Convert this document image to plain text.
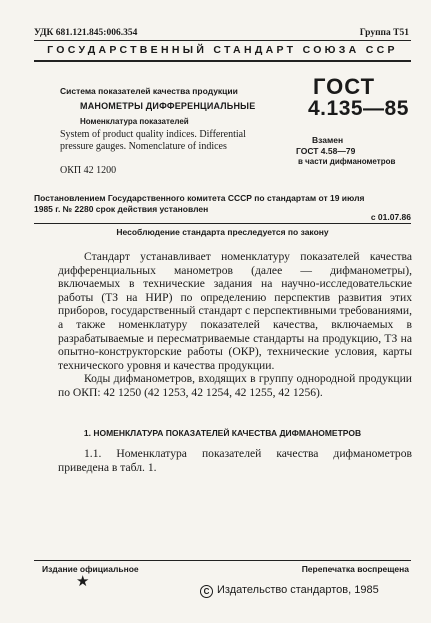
УДК 681.121.845:006.354	Группа Т51
ГОСУДАРСТВЕННЫЙ СТАНДАРТ СОЮЗА ССР
Система показателей качества продукции
МАНОМЕТРЫ ДИФФЕРЕНЦИАЛЬНЫЕ
Номенклатура показателей
System of product quality indices. Differential
pressure gauges. Nomenclature of indices
ОКП 42 1200
ГОСТ
4.135—85
Взамен
ГОСТ 4.58—79
в части дифманометров
Постановлением Государственного комитета СССР по стандартам от 19 июля
1985 г. № 2280 срок действия установлен
с 01.07.86
Несоблюдение стандарта преследуется по закону

Стандарт устанавливает номенклатуру показателей качества дифференциальных манометров (далее — дифманометры), включаемых в технические задания на научно-исследовательские работы (ТЗ на НИР) по определению перспектив развития этих приборов, государственный стандарт с перспективными требованиями, а также номенклатуру показателей качества, включаемых в разрабатываемые и пересматриваемые стандарты на продукцию, ТЗ на опытно-конструкторские работы (ОКР), технические условия, карты технического уровня и качества продукции.

Коды дифманометров, входящих в группу однородной продукции по ОКП: 42 1250 (42 1253, 42 1254, 42 1255, 42 1256).

1. НОМЕНКЛАТУРА ПОКАЗАТЕЛЕЙ КАЧЕСТВА ДИФМАНОМЕТРОВ

1.1. Номенклатура показателей качества дифманометров приведена в табл. 1.

Издание официальное	Перепечатка воспрещена
★
С Издательство стандартов, 1985
